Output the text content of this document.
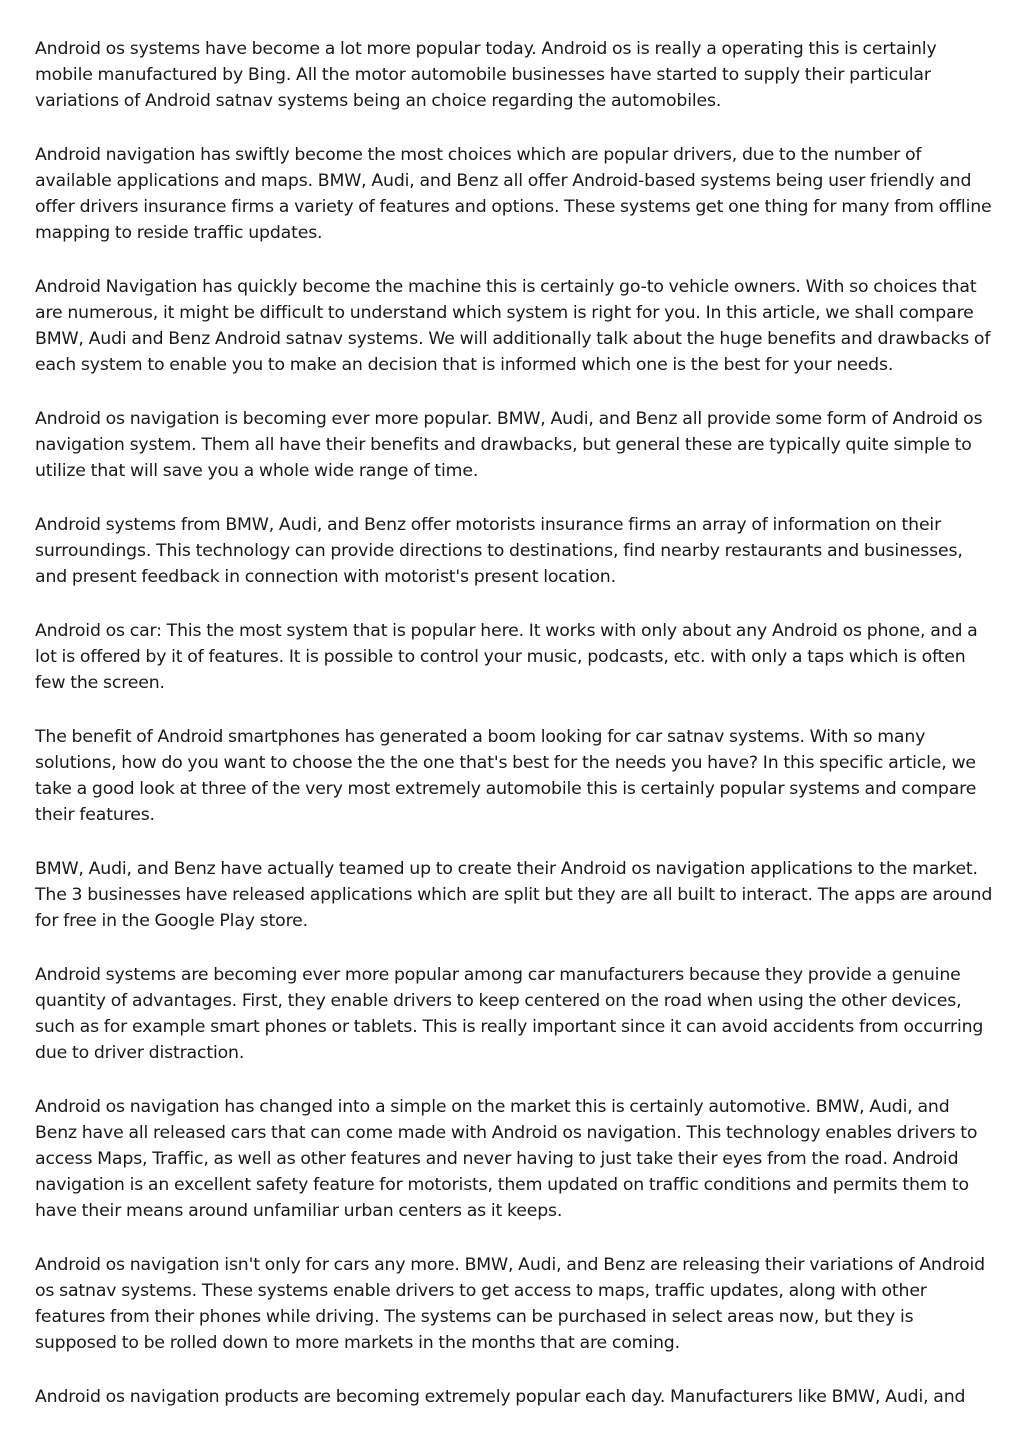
Android os systems have become a lot more popular today. Android os is really a operating this is certainly mobile manufactured by Bing. All the motor automobile businesses have started to supply their particular variations of Android satnav systems being an choice regarding the automobiles.

Android navigation has swiftly become the most choices which are popular drivers, due to the number of available applications and maps. BMW, Audi, and Benz all offer Android-based systems being user friendly and offer drivers insurance firms a variety of features and options. These systems get one thing for many from offline mapping to reside traffic updates.

Android Navigation has quickly become the machine this is certainly go-to vehicle owners. With so choices that are numerous, it might be difficult to understand which system is right for you. In this article, we shall compare BMW, Audi and Benz Android satnav systems. We will additionally talk about the huge benefits and drawbacks of each system to enable you to make an decision that is informed which one is the best for your needs.

Android os navigation is becoming ever more popular. BMW, Audi, and Benz all provide some form of Android os navigation system. Them all have their benefits and drawbacks, but general these are typically quite simple to utilize that will save you a whole wide range of time.

Android systems from BMW, Audi, and Benz offer motorists insurance firms an array of information on their surroundings. This technology can provide directions to destinations, find nearby restaurants and businesses, and present feedback in connection with motorist's present location.

Android os car: This the most system that is popular here. It works with only about any Android os phone, and a lot is offered by it of features. It is possible to control your music, podcasts, etc. with only a taps which is often few the screen.

The benefit of Android smartphones has generated a boom looking for car satnav systems. With so many solutions, how do you want to choose the the one that's best for the needs you have? In this specific article, we take a good look at three of the very most extremely automobile this is certainly popular systems and compare their features.

BMW, Audi, and Benz have actually teamed up to create their Android os navigation applications to the market. The 3 businesses have released applications which are split but they are all built to interact. The apps are around for free in the Google Play store.

Android systems are becoming ever more popular among car manufacturers because they provide a genuine quantity of advantages. First, they enable drivers to keep centered on the road when using the other devices, such as for example smart phones or tablets. This is really important since it can avoid accidents from occurring due to driver distraction.

Android os navigation has changed into a simple on the market this is certainly automotive. BMW, Audi, and Benz have all released cars that can come made with Android os navigation. This technology enables drivers to access Maps, Traffic, as well as other features and never having to just take their eyes from the road. Android navigation is an excellent safety feature for motorists, them updated on traffic conditions and permits them to have their means around unfamiliar urban centers as it keeps.

Android os navigation isn't only for cars any more. BMW, Audi, and Benz are releasing their variations of Android os satnav systems. These systems enable drivers to get access to maps, traffic updates, along with other features from their phones while driving. The systems can be purchased in select areas now, but they is supposed to be rolled down to more markets in the months that are coming.

Android os navigation products are becoming extremely popular each day. Manufacturers like BMW, Audi, and
